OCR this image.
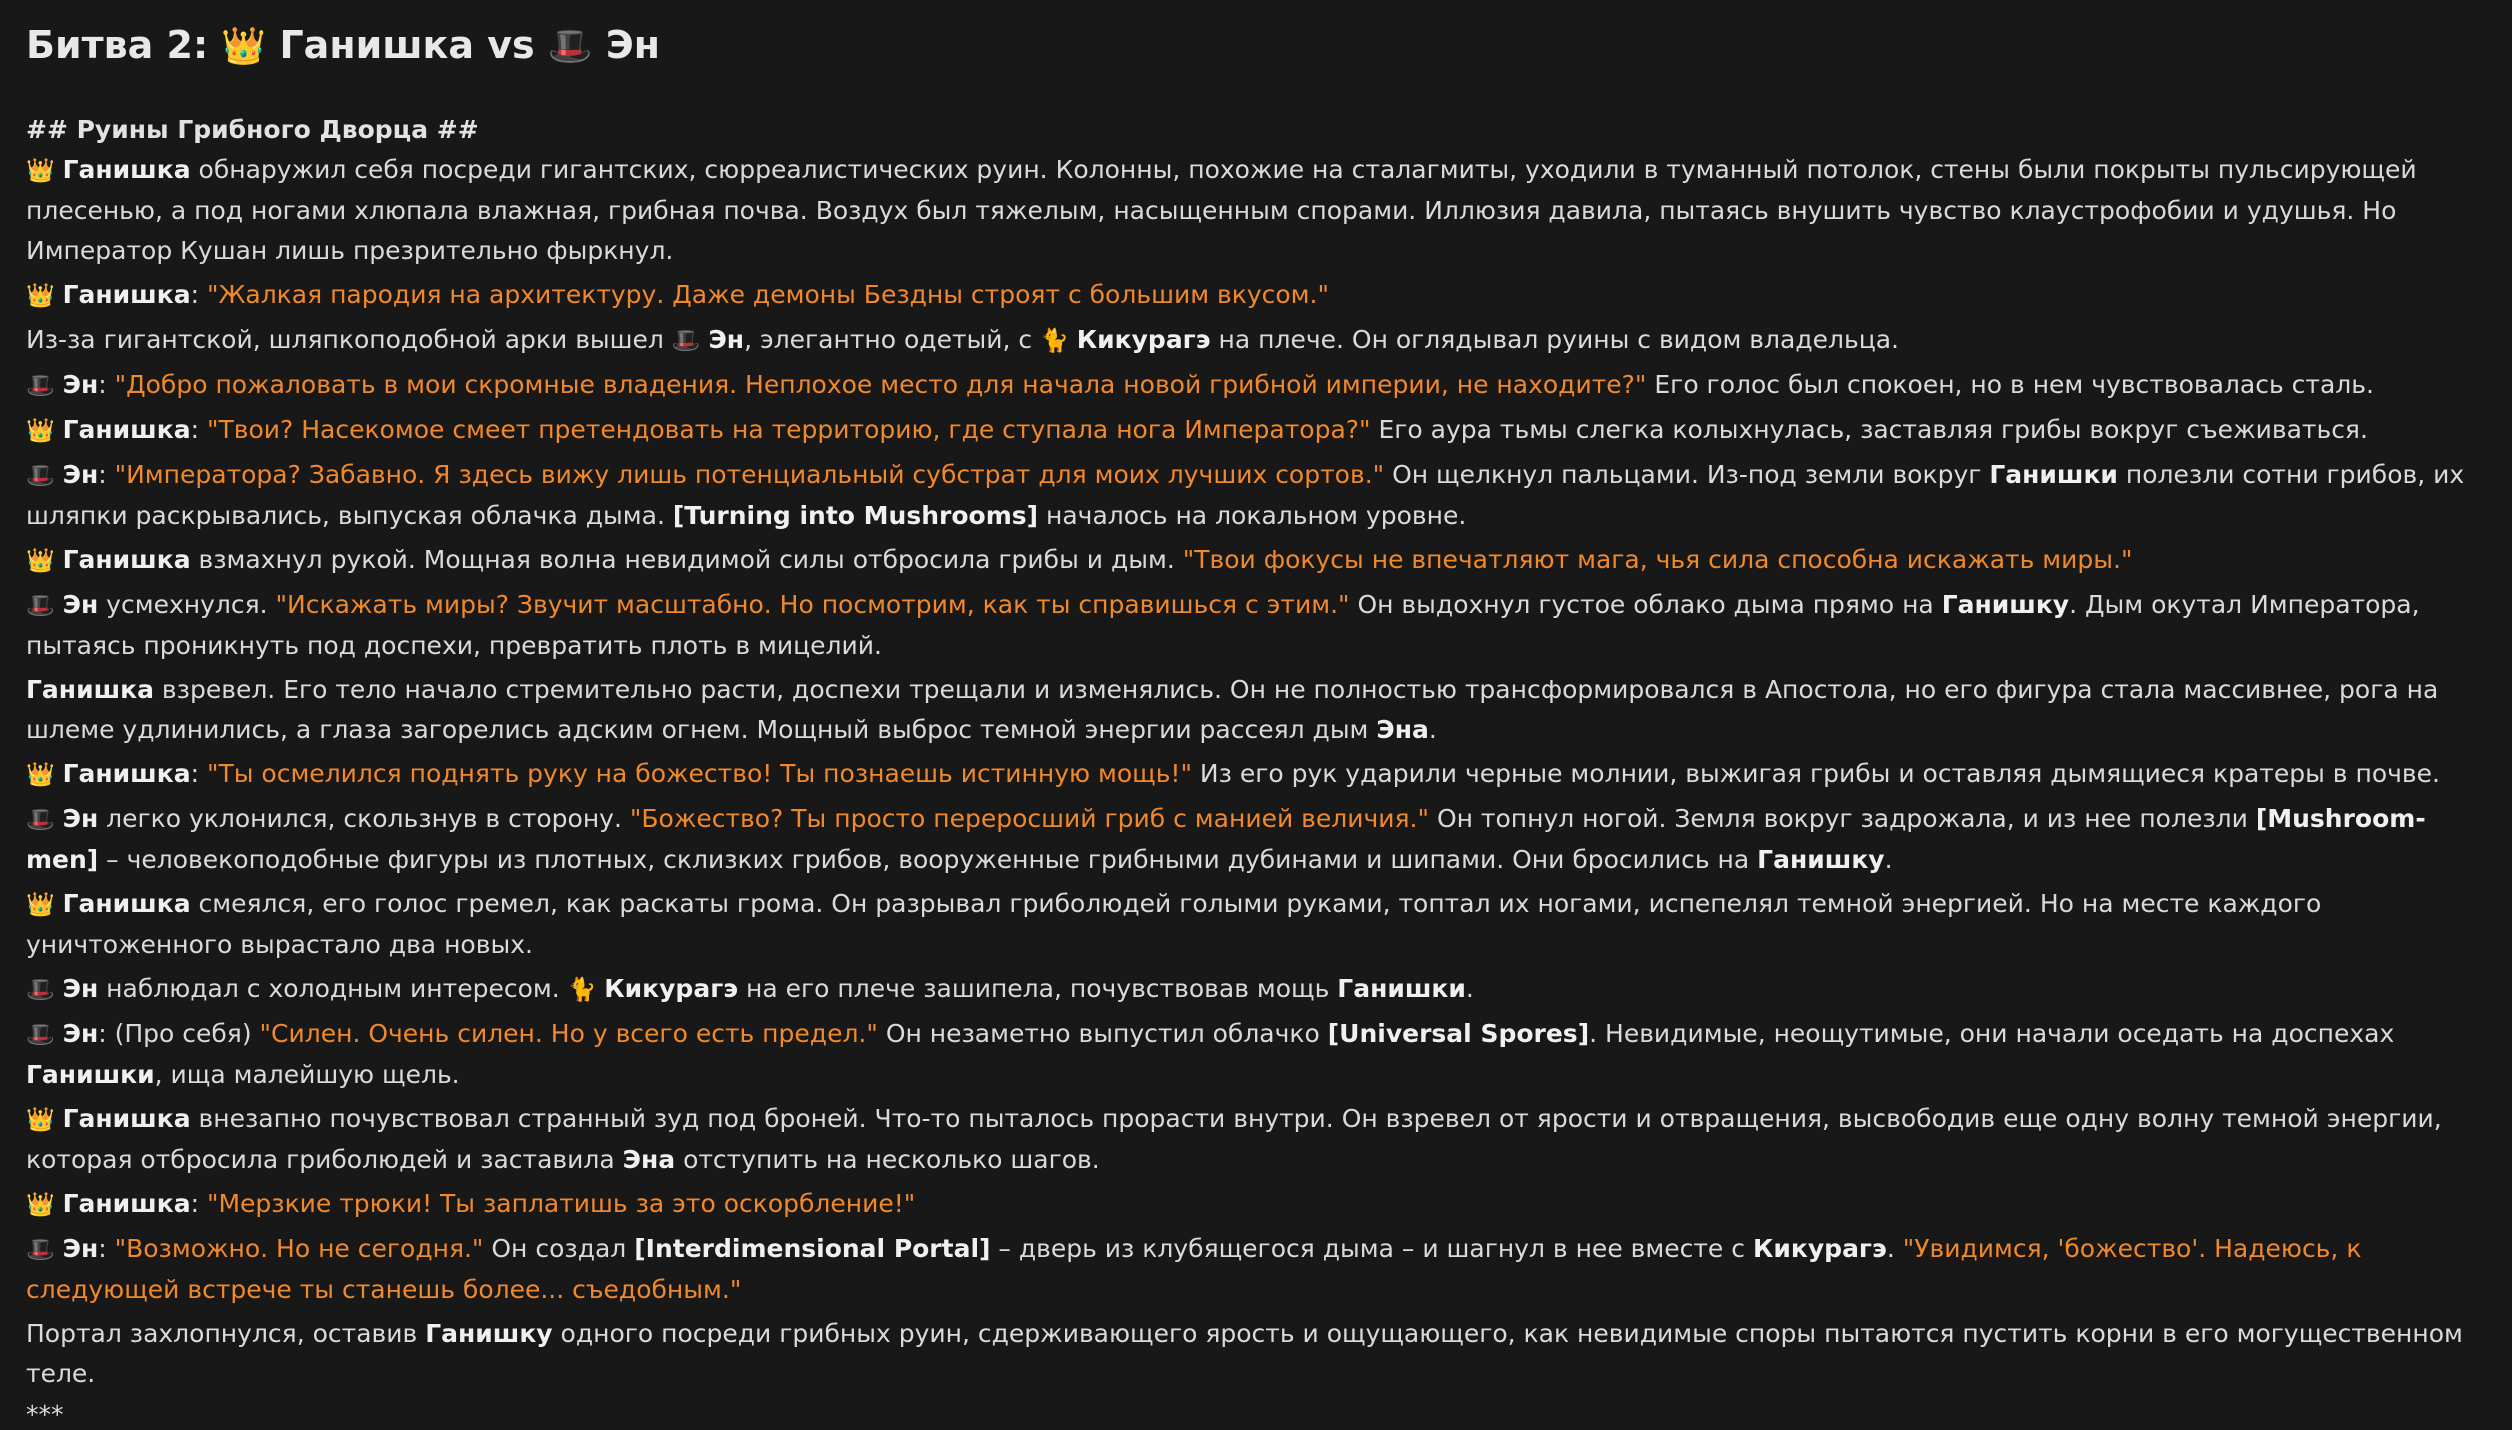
Битва 2: 👑 Ганишка vs 🎩 Эн
## Руины Грибного Дворца ##
👑 Ганишка обнаружил себя посреди гигантских, сюрреалистических руин. Колонны, похожие на сталагмиты, уходили в туманный потолок, стены были покрыты пульсирующей плесенью, а под ногами хлюпала влажная, грибная почва. Воздух был тяжелым, насыщенным спорами. Иллюзия давила, пытаясь внушить чувство клаустрофобии и удушья. Но Император Кушан лишь презрительно фыркнул.
👑 Ганишка: "Жалкая пародия на архитектуру. Даже демоны Бездны строят с большим вкусом."
Из-за гигантской, шляпкоподобной арки вышел 🎩 Эн, элегантно одетый, с 🐈 Кикурагэ на плече. Он оглядывал руины с видом владельца.
🎩 Эн: "Добро пожаловать в мои скромные владения. Неплохое место для начала новой грибной империи, не находите?" Его голос был спокоен, но в нем чувствовалась сталь.
👑 Ганишка: "Твои? Насекомое смеет претендовать на территорию, где ступала нога Императора?" Его аура тьмы слегка колыхнулась, заставляя грибы вокруг съеживаться.
🎩 Эн: "Императора? Забавно. Я здесь вижу лишь потенциальный субстрат для моих лучших сортов." Он щелкнул пальцами. Из-под земли вокруг Ганишки полезли сотни грибов, их шляпки раскрывались, выпуская облачка дыма. [Turning into Mushrooms] началось на локальном уровне.
👑 Ганишка взмахнул рукой. Мощная волна невидимой силы отбросила грибы и дым. "Твои фокусы не впечатляют мага, чья сила способна искажать миры."
🎩 Эн усмехнулся. "Искажать миры? Звучит масштабно. Но посмотрим, как ты справишься с этим." Он выдохнул густое облако дыма прямо на Ганишку. Дым окутал Императора, пытаясь проникнуть под доспехи, превратить плоть в мицелий.
Ганишка взревел. Его тело начало стремительно расти, доспехи трещали и изменялись. Он не полностью трансформировался в Апостола, но его фигура стала массивнее, рога на шлеме удлинились, а глаза загорелись адским огнем. Мощный выброс темной энергии рассеял дым Эна.
👑 Ганишка: "Ты осмелился поднять руку на божество! Ты познаешь истинную мощь!" Из его рук ударили черные молнии, выжигая грибы и оставляя дымящиеся кратеры в почве.
🎩 Эн легко уклонился, скользнув в сторону. "Божество? Ты просто переросший гриб с манией величия." Он топнул ногой. Земля вокруг задрожала, и из нее полезли [Mushroom-men] – человекоподобные фигуры из плотных, склизких грибов, вооруженные грибными дубинами и шипами. Они бросились на Ганишку.
👑 Ганишка смеялся, его голос гремел, как раскаты грома. Он разрывал гриболюдей голыми руками, топтал их ногами, испепелял темной энергией. Но на месте каждого уничтоженного вырастало два новых.
🎩 Эн наблюдал с холодным интересом. 🐈 Кикурагэ на его плече зашипела, почувствовав мощь Ганишки.
🎩 Эн: (Про себя) "Силен. Очень силен. Но у всего есть предел." Он незаметно выпустил облачко [Universal Spores]. Невидимые, неощутимые, они начали оседать на доспехах Ганишки, ища малейшую щель.
👑 Ганишка внезапно почувствовал странный зуд под броней. Что-то пыталось прорасти внутри. Он взревел от ярости и отвращения, высвободив еще одну волну темной энергии, которая отбросила гриболюдей и заставила Эна отступить на несколько шагов.
👑 Ганишка: "Мерзкие трюки! Ты заплатишь за это оскорбление!"
🎩 Эн: "Возможно. Но не сегодня." Он создал [Interdimensional Portal] – дверь из клубящегося дыма – и шагнул в нее вместе с Кикурагэ. "Увидимся, 'божество'. Надеюсь, к следующей встрече ты станешь более... съедобным."
Портал захлопнулся, оставив Ганишку одного посреди грибных руин, сдерживающего ярость и ощущающего, как невидимые споры пытаются пустить корни в его могущественном теле.
***
